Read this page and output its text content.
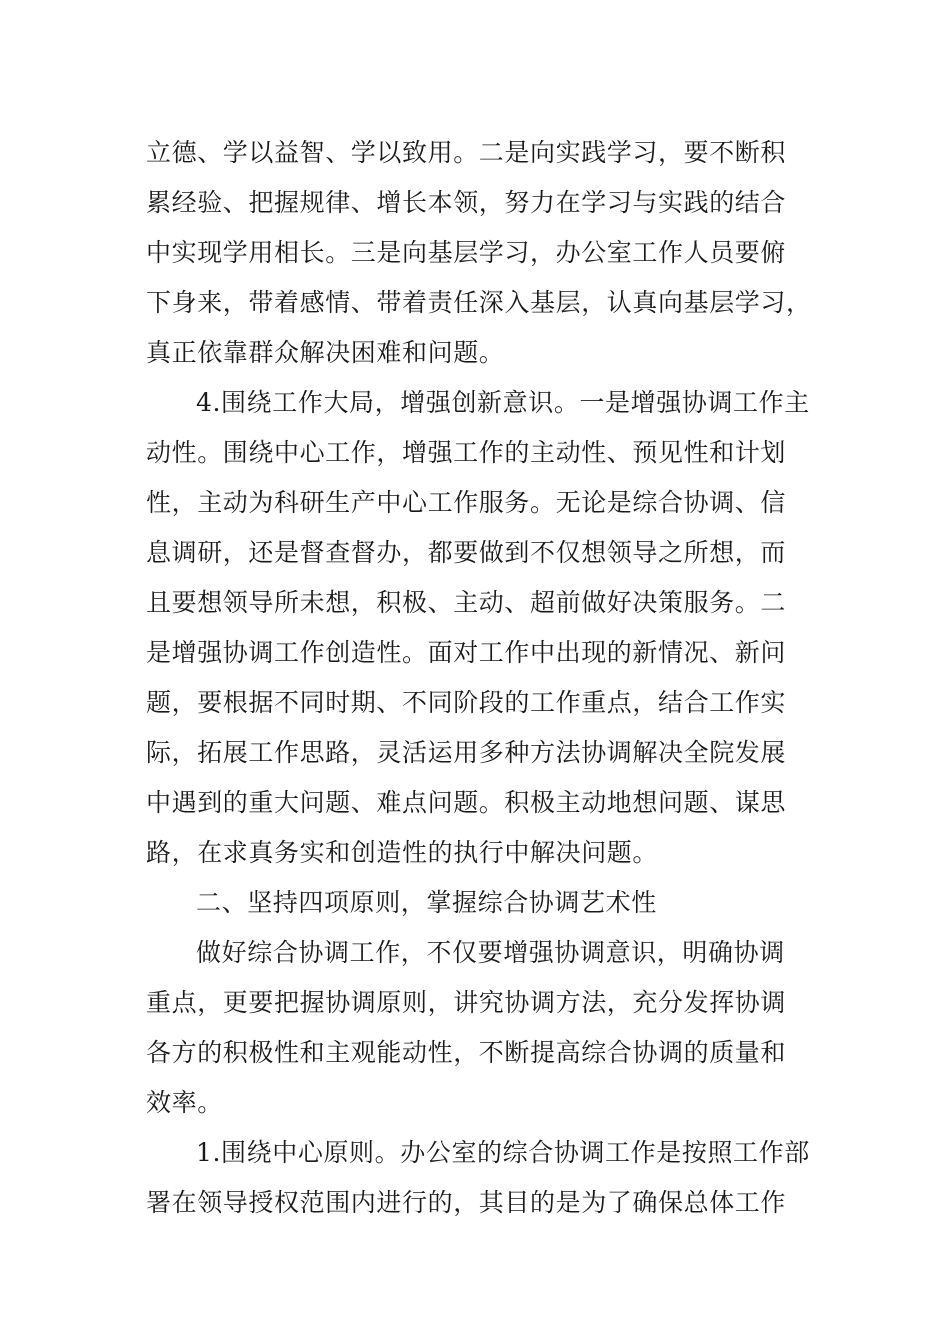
立德、学以益智、学以致用。二是向实践学习，要不断积
累经验、把握规律、增长本领，努力在学习与实践的结合
中实现学用相长。三是向基层学习，办公室工作人员要俯
下身来，带着感情、带着责任深入基层，认真向基层学习，
真正依靠群众解决困难和问题。
4.围绕工作大局，增强创新意识。一是增强协调工作主
动性。围绕中心工作，增强工作的主动性、预见性和计划
性，主动为科研生产中心工作服务。无论是综合协调、信
息调研，还是督查督办，都要做到不仅想领导之所想，而
且要想领导所未想，积极、主动、超前做好决策服务。二
是增强协调工作创造性。面对工作中出现的新情况、新问
题，要根据不同时期、不同阶段的工作重点，结合工作实
际，拓展工作思路，灵活运用多种方法协调解决全院发展
中遇到的重大问题、难点问题。积极主动地想问题、谋思
路，在求真务实和创造性的执行中解决问题。
二、坚持四项原则，掌握综合协调艺术性
做好综合协调工作，不仅要增强协调意识，明确协调
重点，更要把握协调原则，讲究协调方法，充分发挥协调
各方的积极性和主观能动性，不断提高综合协调的质量和
效率。
1.围绕中心原则。办公室的综合协调工作是按照工作部
署在领导授权范围内进行的，其目的是为了确保总体工作
